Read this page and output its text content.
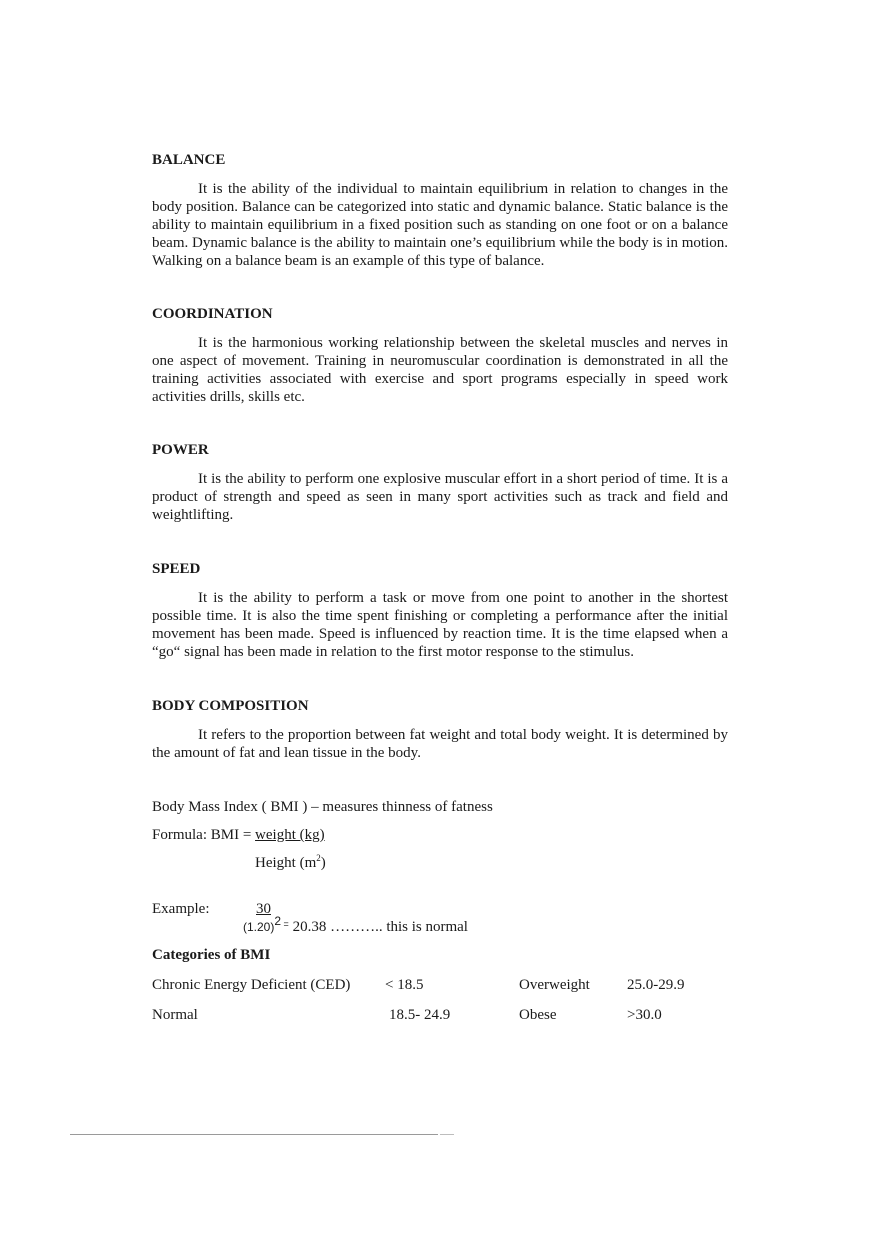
BALANCE

It is the ability of the individual to maintain equilibrium in relation to changes in the body position. Balance can be categorized into static and dynamic balance. Static balance is the ability to maintain equilibrium in a fixed position such as standing on one foot or on a balance beam. Dynamic balance is the ability to maintain one’s equilibrium while the body is in motion. Walking on a balance beam is an example of this type of balance.

COORDINATION

It is the harmonious working relationship between the skeletal muscles and nerves in one aspect of movement. Training in neuromuscular coordination is demonstrated in all the training activities associated with exercise and sport programs especially in speed work activities drills, skills etc.

POWER

It is the ability to perform one explosive muscular effort in a short period of time. It is a product of strength and speed as seen in many sport activities such as track and field and weightlifting.

SPEED

It is the ability to perform a task or move from one point to another in the shortest possible time. It is also the time spent finishing or completing a performance after the initial movement has been made. Speed is influenced by reaction time. It is the time elapsed when a “go“ signal has been made in relation to the first motor response to the stimulus.

BODY COMPOSITION

It refers to the proportion between fat weight and total body weight. It is determined by the amount of fat and lean tissue in the body.

Body Mass Index ( BMI ) – measures thinness of fatness
Formula: BMI = weight (kg)
Height $(m^2)$
Example:	30
$(1.20)^2$ = 20.38 ……….. this is normal
Categories of BMI
Chronic Energy Deficient (CED) < 18.5	Overweight 25.0-29.9
Normal	18.5- 24.9	Obese	>30.0
